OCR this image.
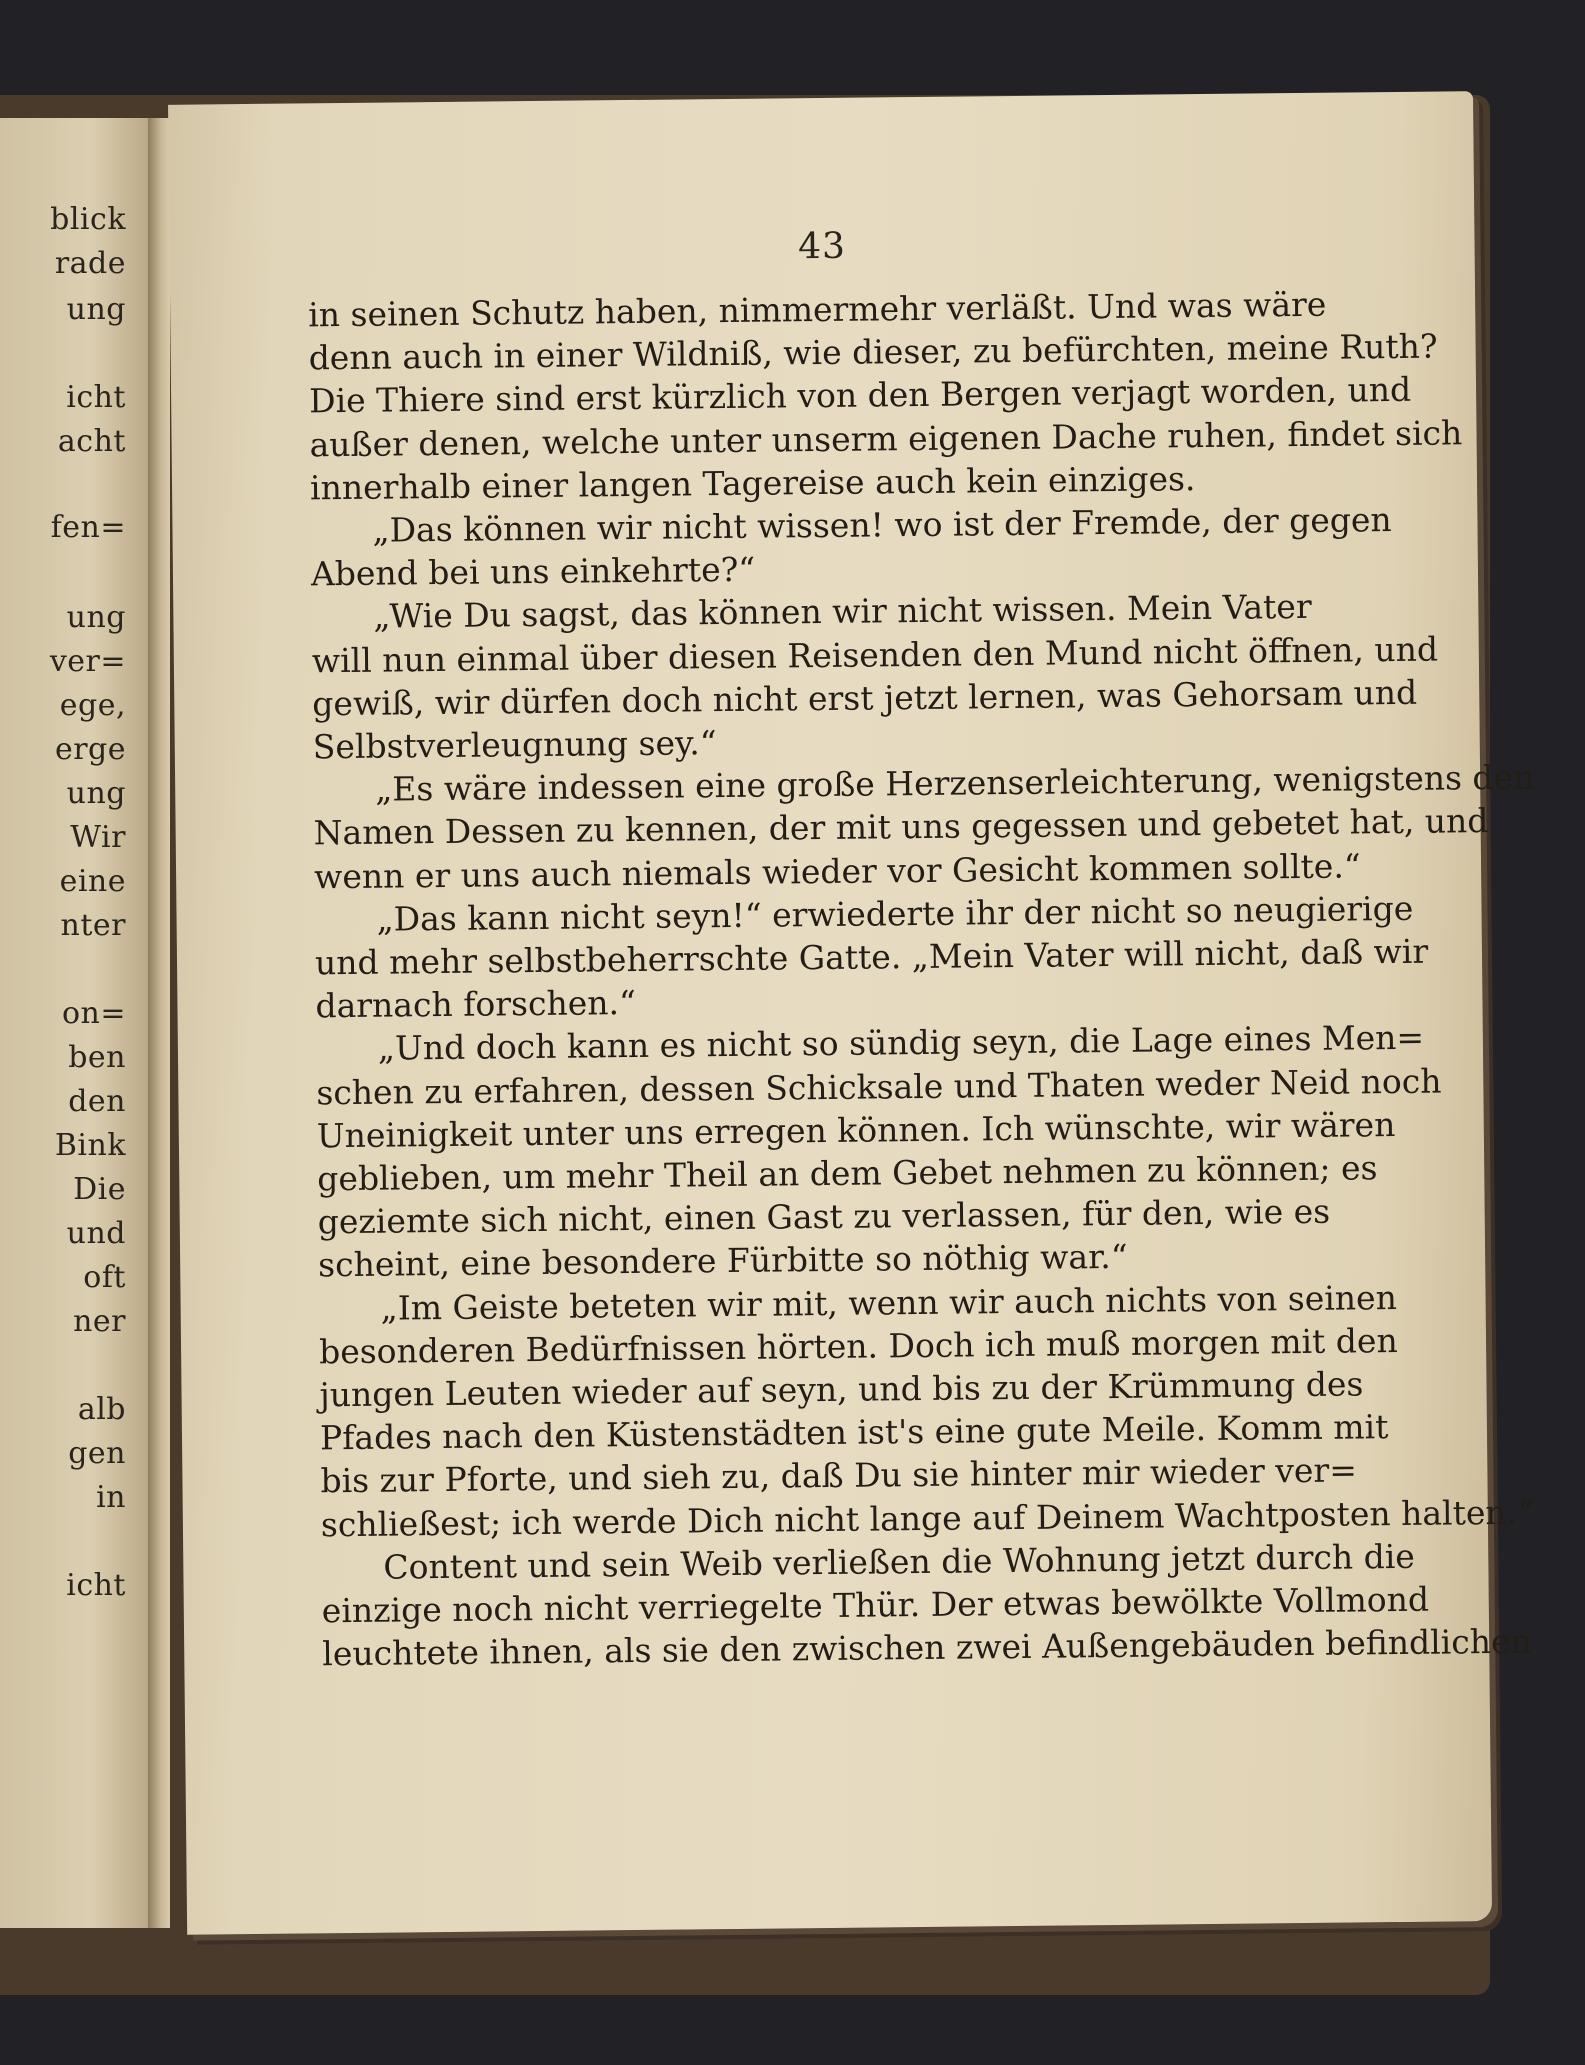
blick
rade
ung
icht
acht
fen=
ung
ver=
ege,
erge
ung
Wir
eine
nter
on=
ben
den
Bink
Die
und
oft
ner
alb
gen
in
icht
43
in seinen Schutz haben, nimmermehr verläßt. Und was wäre
denn auch in einer Wildniß, wie dieser, zu befürchten, meine Ruth?
Die Thiere sind erst kürzlich von den Bergen verjagt worden, und
außer denen, welche unter unserm eigenen Dache ruhen, findet sich
innerhalb einer langen Tagereise auch kein einziges.
„Das können wir nicht wissen! wo ist der Fremde, der gegen
Abend bei uns einkehrte?“
„Wie Du sagst, das können wir nicht wissen. Mein Vater
will nun einmal über diesen Reisenden den Mund nicht öffnen, und
gewiß, wir dürfen doch nicht erst jetzt lernen, was Gehorsam und
Selbstverleugnung sey.“
„Es wäre indessen eine große Herzenserleichterung, wenigstens den
Namen Dessen zu kennen, der mit uns gegessen und gebetet hat, und
wenn er uns auch niemals wieder vor Gesicht kommen sollte.“
„Das kann nicht seyn!“ erwiederte ihr der nicht so neugierige
und mehr selbstbeherrschte Gatte. „Mein Vater will nicht, daß wir
darnach forschen.“
„Und doch kann es nicht so sündig seyn, die Lage eines Men=
schen zu erfahren, dessen Schicksale und Thaten weder Neid noch
Uneinigkeit unter uns erregen können. Ich wünschte, wir wären
geblieben, um mehr Theil an dem Gebet nehmen zu können; es
geziemte sich nicht, einen Gast zu verlassen, für den, wie es
scheint, eine besondere Fürbitte so nöthig war.“
„Im Geiste beteten wir mit, wenn wir auch nichts von seinen
besonderen Bedürfnissen hörten. Doch ich muß morgen mit den
jungen Leuten wieder auf seyn, und bis zu der Krümmung des
Pfades nach den Küstenstädten ist's eine gute Meile. Komm mit
bis zur Pforte, und sieh zu, daß Du sie hinter mir wieder ver=
schließest; ich werde Dich nicht lange auf Deinem Wachtposten halten.“
Content und sein Weib verließen die Wohnung jetzt durch die
einzige noch nicht verriegelte Thür. Der etwas bewölkte Vollmond
leuchtete ihnen, als sie den zwischen zwei Außengebäuden befindlichen
